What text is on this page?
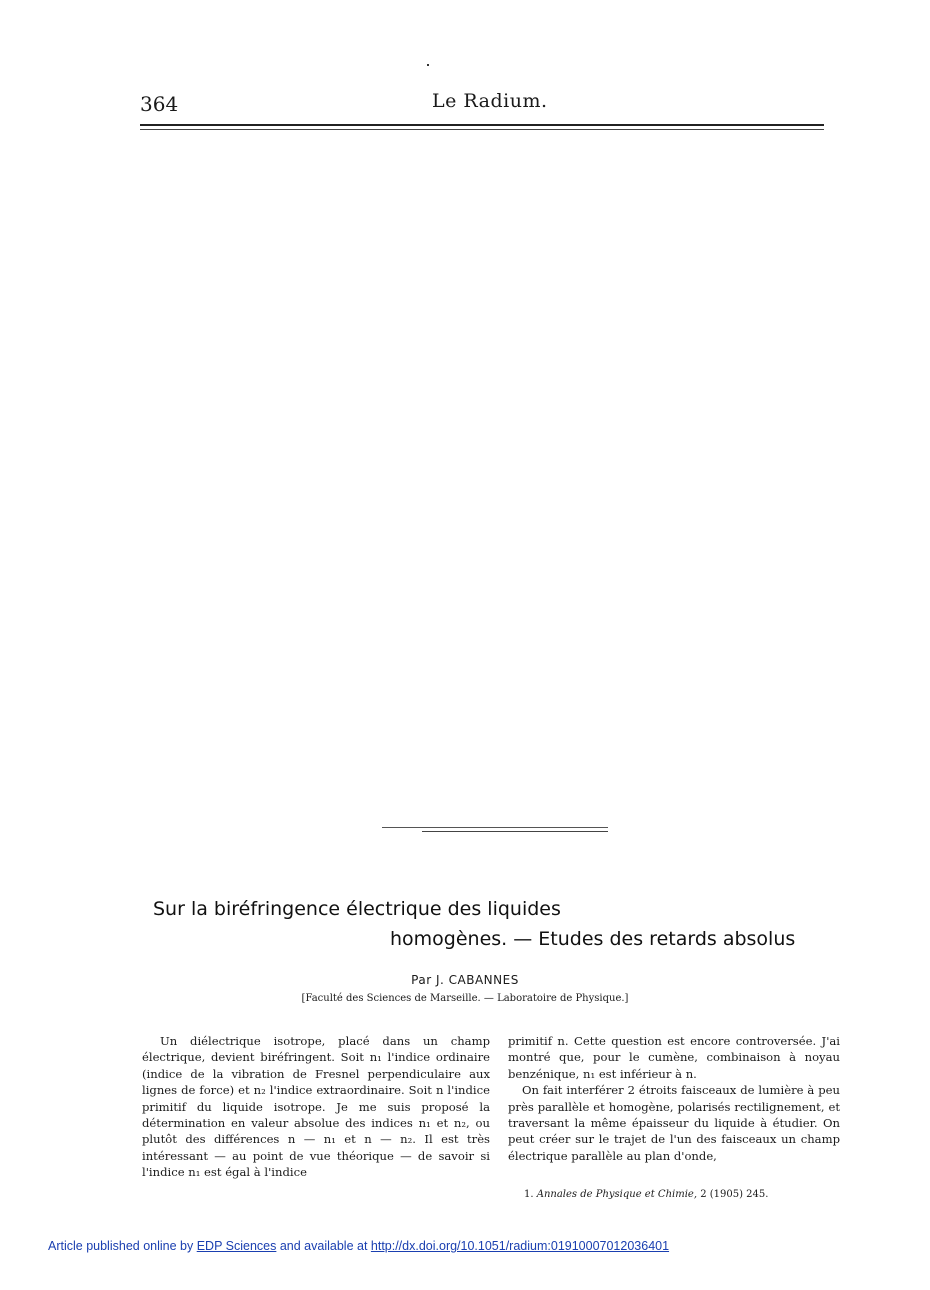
364	Le Radium.
Sur la biréfringence électrique des liquides
homogènes. — Etudes des retards absolus
Par J. CABANNES
[Faculté des Sciences de Marseille. — Laboratoire de Physique.]

Un diélectrique isotrope, placé dans un champ électrique, devient biréfringent. Soit n₁ l'indice ordinaire (indice de la vibration de Fresnel perpendiculaire aux lignes de force) et n₂ l'indice extraordinaire. Soit n l'indice primitif du liquide isotrope. Je me suis proposé la détermination en valeur absolue des indices n₁ et n₂, ou plutôt des différences n — n₁ et n — n₂. Il est très intéressant — au point de vue théorique — de savoir si l'indice n₁ est égal à l'indice

primitif n. Cette question est encore controversée. J'ai montré que, pour le cumène, combinaison à noyau benzénique, n₁ est inférieur à n.

On fait interférer 2 étroits faisceaux de lumière à peu près parallèle et homogène, polarisés rectilignement, et traversant la même épaisseur du liquide à étudier. On peut créer sur le trajet de l'un des faisceaux un champ électrique parallèle au plan d'onde,

1. Annales de Physique et Chimie, 2 (1905) 245.
Article published online by EDP Sciences and available at http://dx.doi.org/10.1051/radium:01910007012036401
